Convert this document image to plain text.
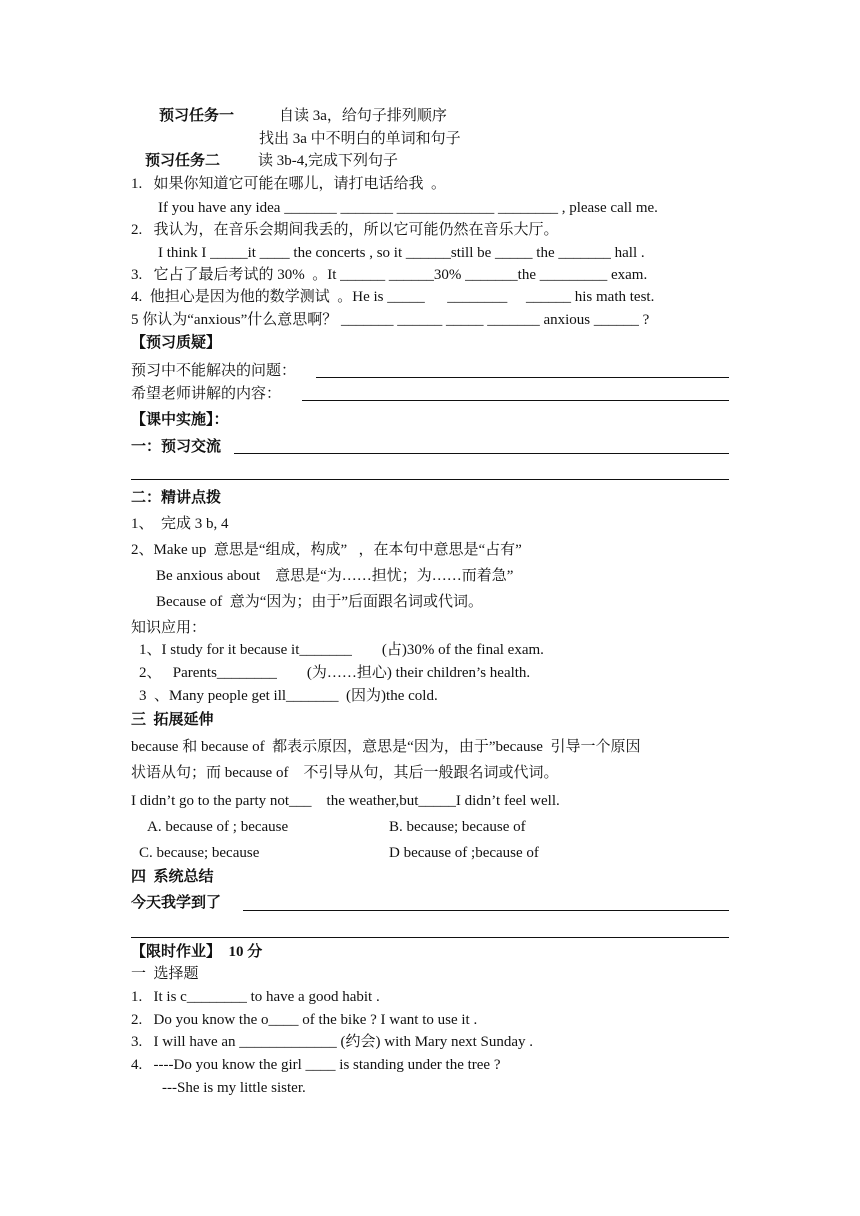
预习任务一	自读 3a，给句子排列顺序
找出 3a 中不明白的单词和句子
预习任务二	读 3b-4,完成下列句子
1.   如果你知道它可能在哪儿，请打电话给我  。
If you have any idea _______ _______ _____________ ________ , please call me.
2.   我认为，在音乐会期间我丢的，所以它可能仍然在音乐大厅。
I think I _____it ____ the concerts , so it ______still be _____ the _______ hall .
3.   它占了最后考试的 30%  。It ______ ______30% _______the _________ exam.
4.  他担心是因为他的数学测试  。He is _____      ________     ______ his math test.
5 你认为“anxious”什么意思啊？ _______ ______ _____ _______ anxious ______ ?
【预习质疑】
预习中不能解决的问题：
希望老师讲解的内容：
【课中实施】：
一：预习交流
二：精讲点拨
1、  完成 3 b, 4
2、Make up  意思是“组成，构成”   ，在本句中意思是“占有”
Be anxious about    意思是“为……担忧；为……而着急”
Because of  意为“因为；由于”后面跟名词或代词。
知识应用：
1、I study for it because it_______        (占)30% of the final exam.
2、   Parents________        (为……担心) their children’s health.
3  、Many people get ill_______  (因为)the cold.
三  拓展延伸
because 和 because of  都表示原因，意思是“因为，由于”because  引导一个原因
状语从句；而 because of    不引导从句，其后一般跟名词或代词。
I didn’t go to the party not___    the weather,but_____I didn’t feel well.
A. because of ; because	B. because; because of
C. because; because	D because of ;because of
四  系统总结
今天我学到了
【限时作业】  10 分
一  选择题
1.   It is c________ to have a good habit .
2.   Do you know the o____ of the bike ? I want to use it .
3.   I will have an _____________ (约会) with Mary next Sunday .
4.   ----Do you know the girl ____ is standing under the tree ?
---She is my little sister.
